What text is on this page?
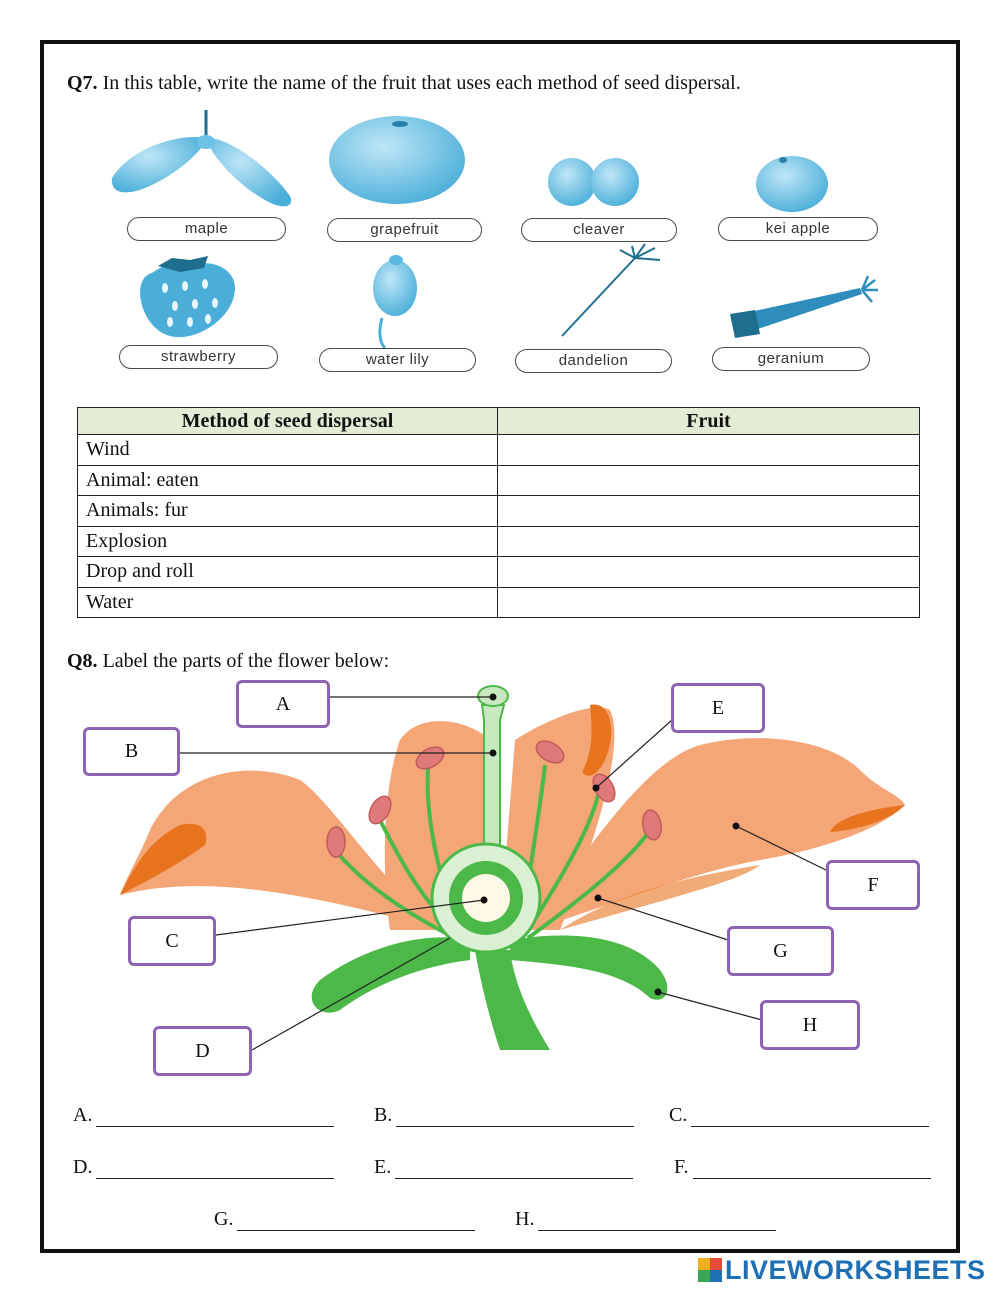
Q7. In this table, write the name of the fruit that uses each method of seed dispersal.
maple	grapefruit	cleaver	kei apple
strawberry	water lily	dandelion	geranium
Method of seed dispersal	Fruit
Wind	
Animal: eaten	
Animals: fur	
Explosion	
Drop and roll	
Water	
Q8. Label the parts of the flower below:
A
B
C
D
E
F
G
H
A.	B.	C.
D.	E.	F.
G.	H.
LIVEWORKSHEETS
